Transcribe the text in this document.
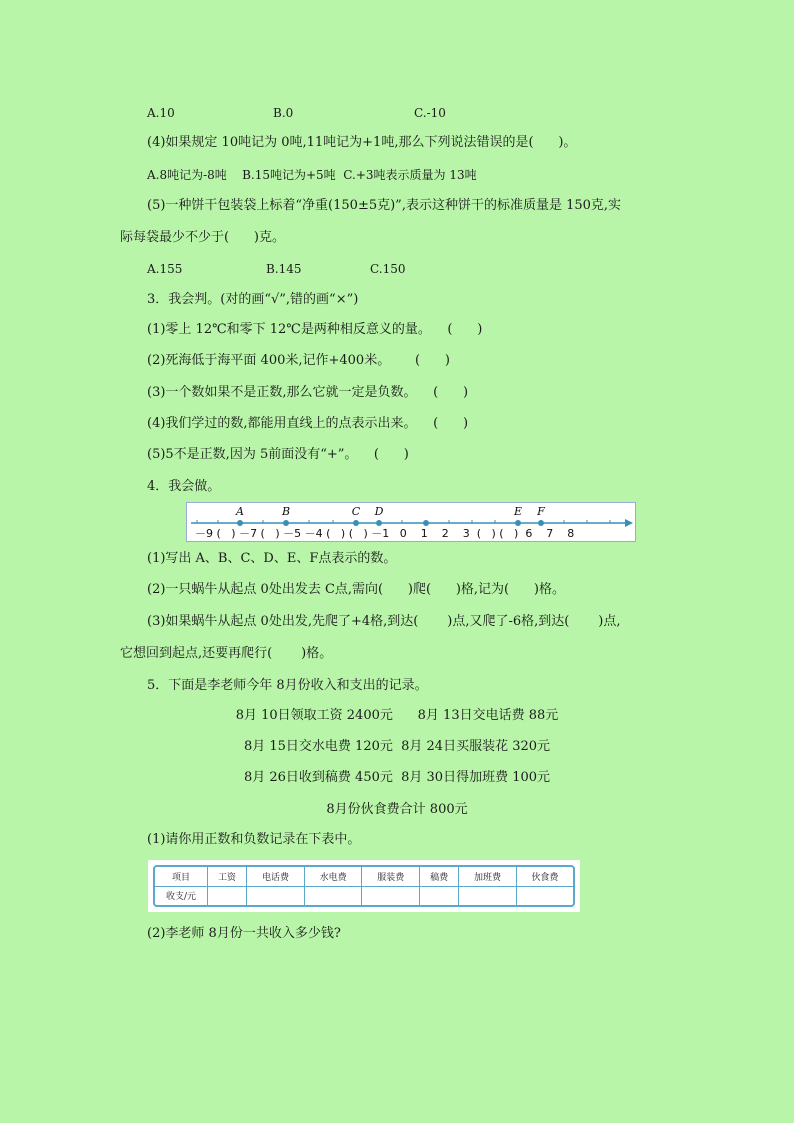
A.10	B.0	C.-10
(4)如果规定 10吨记为 0吨,11吨记为+1吨,那么下列说法错误的是(      )。
A.8吨记为-8吨    B.15吨记为+5吨  C.+3吨表示质量为 13吨
(5)一种饼干包装袋上标着“净重(150±5克)”,表示这种饼干的标准质量是 150克,实
际每袋最少不少于(      )克。
A.155	B.145	C.150
3．我会判。(对的画“√”,错的画“×”)
(1)零上 12℃和零下 12℃是两种相反意义的量。    (      )
(2)死海低于海平面 400米,记作+400米。      (      )
(3)一个数如果不是正数,那么它就一定是负数。    (      )
(4)我们学过的数,都能用直线上的点表示出来。    (      )
(5)5不是正数,因为 5前面没有“+”。    (      )
4．我会做。
A	B	C D	E F
－9 (   ) －7 (   ) －5 －4 (   ) (   ) －1   0    1    2    3  (   ) (   )  6    7    8
(1)写出 A、B、C、D、E、F点表示的数。
(2)一只蜗牛从起点 0处出发去 C点,需向(      )爬(      )格,记为(      )格。
(3)如果蜗牛从起点 0处出发,先爬了+4格,到达(       )点,又爬了-6格,到达(       )点,
它想回到起点,还要再爬行(       )格。
5．下面是李老师今年 8月份收入和支出的记录。
8月 10日领取工资 2400元      8月 13日交电话费 88元
8月 15日交水电费 120元  8月 24日买服装花 320元
8月 26日收到稿费 450元  8月 30日得加班费 100元
8月份伙食费合计 800元
(1)请你用正数和负数记录在下表中。
项目	工资	电话费	水电费	服装费	稿费	加班费	伙食费
收支/元							
(2)李老师 8月份一共收入多少钱?
